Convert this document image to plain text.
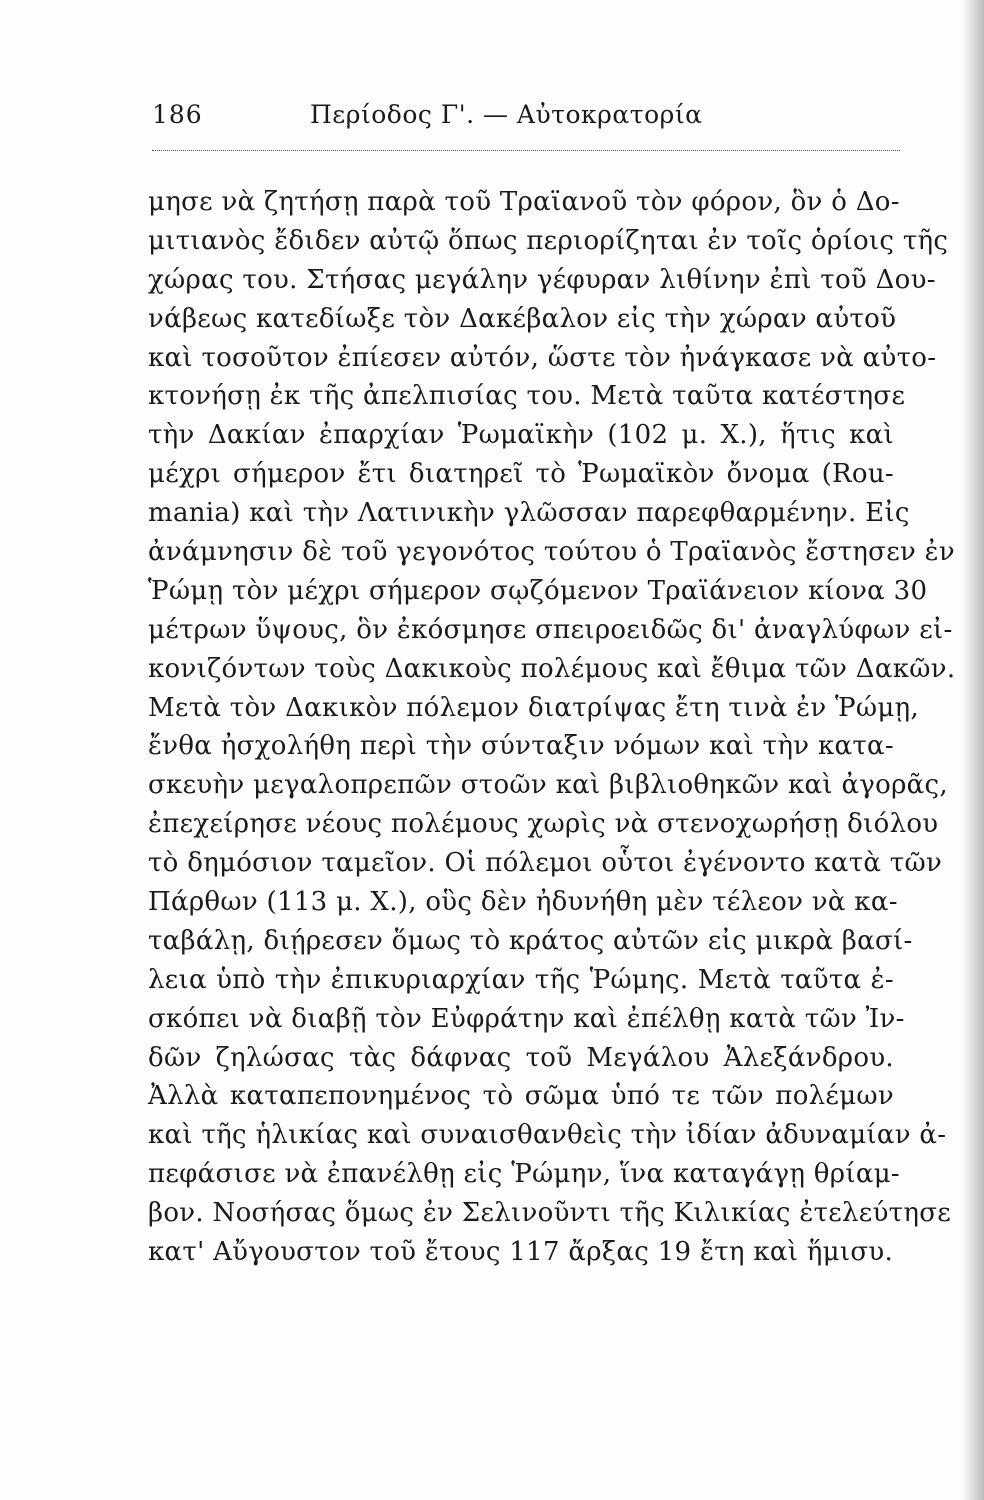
186	Περίοδος Γ'. — Αὐτοκρατορία
μησε νὰ ζητήσῃ παρὰ τοῦ Τραϊανοῦ τὸν φόρον, ὃν ὁ Δο-
μιτιανὸς ἔδιδεν αὐτῷ ὅπως περιορίζηται ἐν τοῖς ὁρίοις τῆς
χώρας του. Στήσας μεγάλην γέφυραν λιθίνην ἐπὶ τοῦ Δου-
νάβεως κατεδίωξε τὸν Δακέβαλον εἰς τὴν χώραν αὐτοῦ
καὶ τοσοῦτον ἐπίεσεν αὐτόν, ὥστε τὸν ἠνάγκασε νὰ αὐτο-
κτονήσῃ ἐκ τῆς ἀπελπισίας του. Μετὰ ταῦτα κατέστησε
τὴν Δακίαν ἐπαρχίαν Ῥωμαϊκὴν (102 μ. Χ.), ἥτις καὶ
μέχρι σήμερον ἔτι διατηρεῖ τὸ Ῥωμαϊκὸν ὄνομα (Rou-
mania) καὶ τὴν Λατινικὴν γλῶσσαν παρεφθαρμένην. Εἰς
ἀνάμνησιν δὲ τοῦ γεγονότος τούτου ὁ Τραϊανὸς ἔστησεν ἐν
Ῥώμῃ τὸν μέχρι σήμερον σῳζόμενον Τραϊάνειον κίονα 30
μέτρων ὕψους, ὃν ἐκόσμησε σπειροειδῶς δι' ἀναγλύφων εἰ-
κονιζόντων τοὺς Δακικοὺς πολέμους καὶ ἔθιμα τῶν Δακῶν.
Μετὰ τὸν Δακικὸν πόλεμον διατρίψας ἔτη τινὰ ἐν Ῥώμῃ,
ἔνθα ἠσχολήθη περὶ τὴν σύνταξιν νόμων καὶ τὴν κατα-
σκευὴν μεγαλοπρεπῶν στοῶν καὶ βιβλιοθηκῶν καὶ ἀγορᾶς,
ἐπεχείρησε νέους πολέμους χωρὶς νὰ στενοχωρήσῃ διόλου
τὸ δημόσιον ταμεῖον. Οἱ πόλεμοι οὗτοι ἐγένοντο κατὰ τῶν
Πάρθων (113 μ. Χ.), οὓς δὲν ἠδυνήθη μὲν τέλεον νὰ κα-
ταβάλῃ, διῄρεσεν ὅμως τὸ κράτος αὐτῶν εἰς μικρὰ βασί-
λεια ὑπὸ τὴν ἐπικυριαρχίαν τῆς Ῥώμης. Μετὰ ταῦτα ἐ-
σκόπει νὰ διαβῇ τὸν Εὐφράτην καὶ ἐπέλθῃ κατὰ τῶν Ἰν-
δῶν ζηλώσας τὰς δάφνας τοῦ Μεγάλου Ἀλεξάνδρου.
Ἀλλὰ καταπεπονημένος τὸ σῶμα ὑπό τε τῶν πολέμων
καὶ τῆς ἡλικίας καὶ συναισθανθεὶς τὴν ἰδίαν ἀδυναμίαν ἀ-
πεφάσισε νὰ ἐπανέλθῃ εἰς Ῥώμην, ἵνα καταγάγῃ θρίαμ-
βον. Νοσήσας ὅμως ἐν Σελινοῦντι τῆς Κιλικίας ἐτελεύτησε
κατ' Αὔγουστον τοῦ ἔτους 117 ἄρξας 19 ἔτη καὶ ἥμισυ.
